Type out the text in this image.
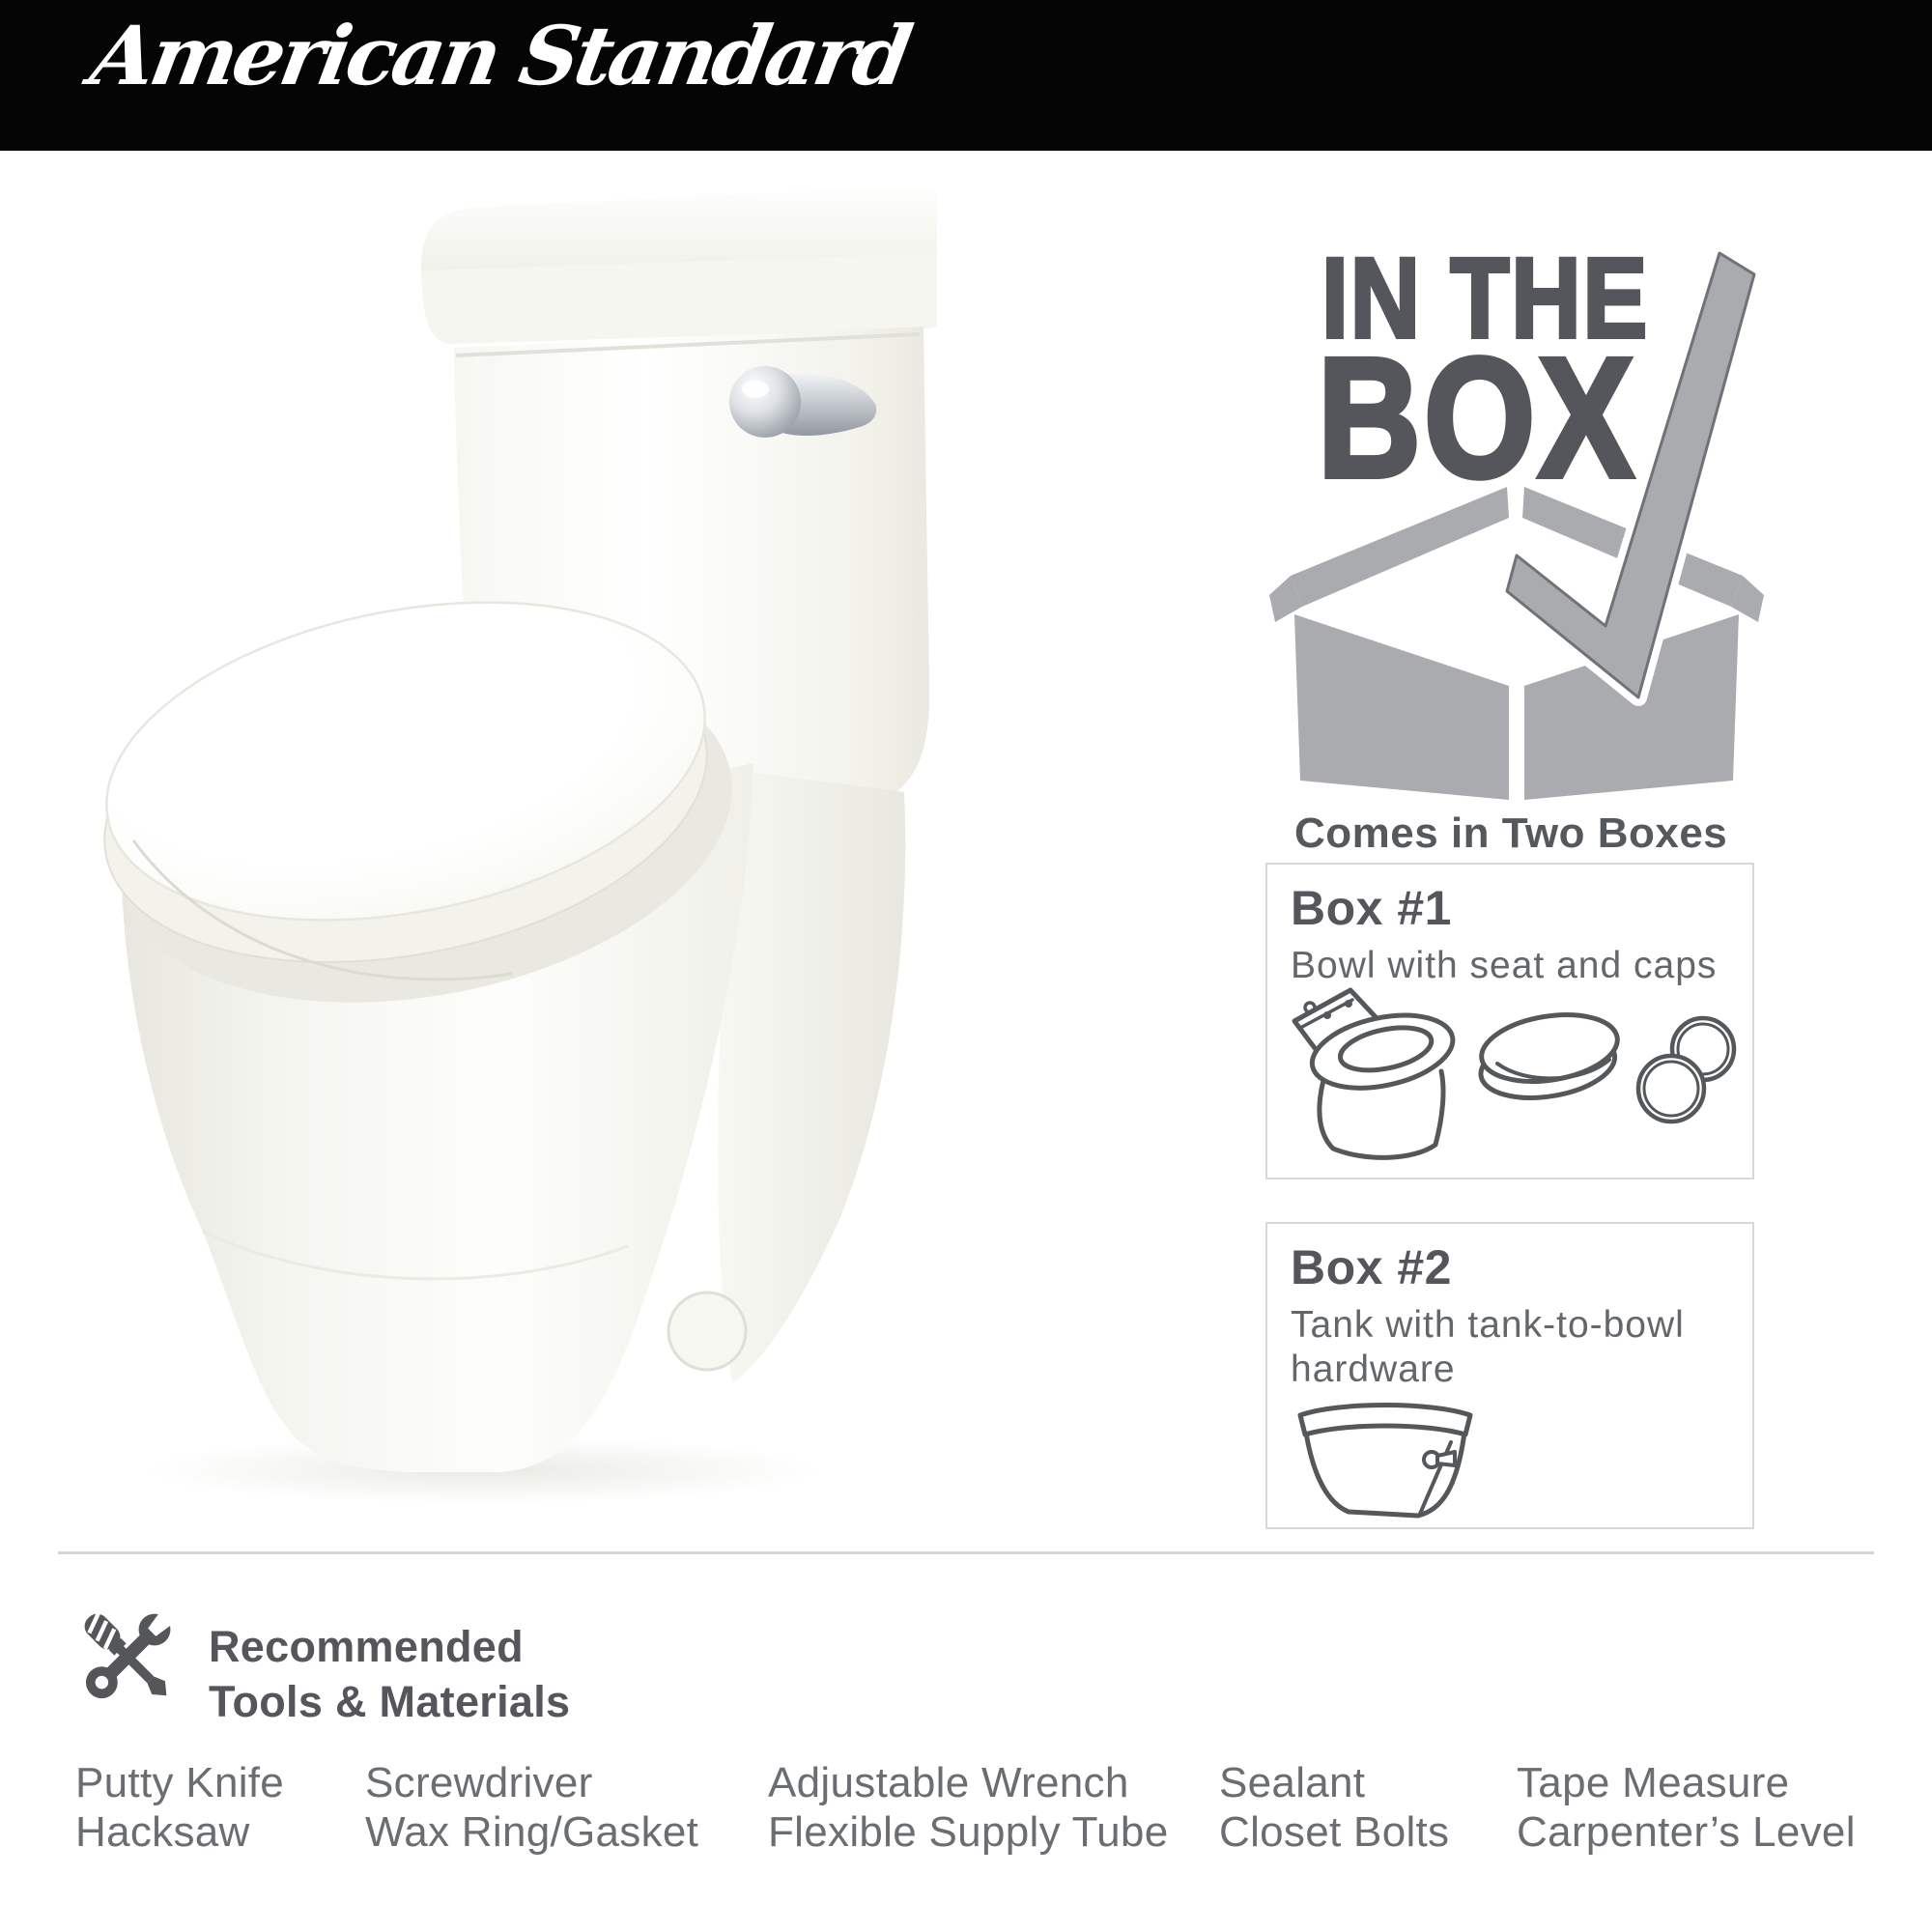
American Standard
IN THE
BOX
Comes in Two Boxes
Box #1

Bowl with seat and caps

Box #2

Tank with tank-to-bowl hardware

Recommended
Tools & Materials
Putty Knife
Hacksaw
Screwdriver
Wax Ring/Gasket
Adjustable Wrench
Flexible Supply Tube
Sealant
Closet Bolts
Tape Measure
Carpenter’s Level
